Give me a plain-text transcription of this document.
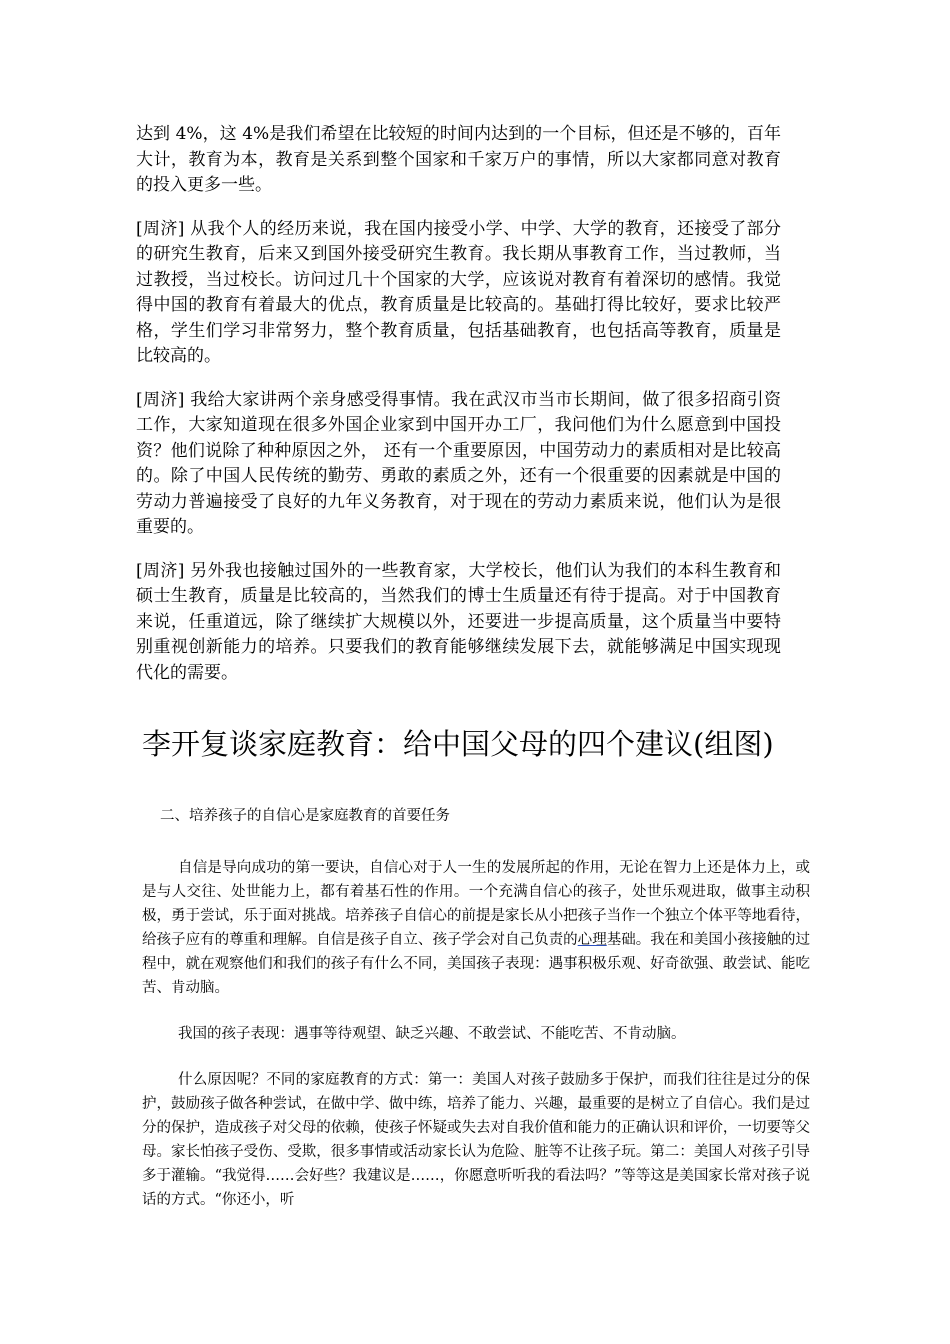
达到 4%，这 4%是我们希望在比较短的时间内达到的一个目标，但还是不够的，百年大计，教育为本，教育是关系到整个国家和千家万户的事情，所以大家都同意对教育的投入更多一些。

[周济] 从我个人的经历来说，我在国内接受小学、中学、大学的教育，还接受了部分的研究生教育，后来又到国外接受研究生教育。我长期从事教育工作，当过教师，当过教授，当过校长。访问过几十个国家的大学，应该说对教育有着深切的感情。我觉得中国的教育有着最大的优点，教育质量是比较高的。基础打得比较好，要求比较严格，学生们学习非常努力，整个教育质量，包括基础教育，也包括高等教育，质量是比较高的。

[周济] 我给大家讲两个亲身感受得事情。我在武汉市当市长期间，做了很多招商引资工作，大家知道现在很多外国企业家到中国开办工厂，我问他们为什么愿意到中国投资？他们说除了种种原因之外， 还有一个重要原因，中国劳动力的素质相对是比较高的。除了中国人民传统的勤劳、勇敢的素质之外，还有一个很重要的因素就是中国的劳动力普遍接受了良好的九年义务教育，对于现在的劳动力素质来说，他们认为是很重要的。

[周济] 另外我也接触过国外的一些教育家，大学校长，他们认为我们的本科生教育和硕士生教育，质量是比较高的，当然我们的博士生质量还有待于提高。对于中国教育来说，任重道远，除了继续扩大规模以外，还要进一步提高质量，这个质量当中要特别重视创新能力的培养。只要我们的教育能够继续发展下去，就能够满足中国实现现代化的需要。

李开复谈家庭教育：给中国父母的四个建议(组图)

二、培养孩子的自信心是家庭教育的首要任务

自信是导向成功的第一要诀，自信心对于人一生的发展所起的作用，无论在智力上还是体力上，或是与人交往、处世能力上，都有着基石性的作用。一个充满自信心的孩子，处世乐观进取，做事主动积极，勇于尝试，乐于面对挑战。培养孩子自信心的前提是家长从小把孩子当作一个独立个体平等地看待，给孩子应有的尊重和理解。自信是孩子自立、孩子学会对自己负责的心理基础。我在和美国小孩接触的过程中，就在观察他们和我们的孩子有什么不同，美国孩子表现：遇事积极乐观、好奇欲强、敢尝试、能吃苦、肯动脑。

我国的孩子表现：遇事等待观望、缺乏兴趣、不敢尝试、不能吃苦、不肯动脑。

什么原因呢？不同的家庭教育的方式：第一：美国人对孩子鼓励多于保护，而我们往往是过分的保护，鼓励孩子做各种尝试，在做中学、做中练，培养了能力、兴趣，最重要的是树立了自信心。我们是过分的保护，造成孩子对父母的依赖，使孩子怀疑或失去对自我价值和能力的正确认识和评价，一切要等父母。家长怕孩子受伤、受欺，很多事情或活动家长认为危险、脏等不让孩子玩。第二：美国人对孩子引导多于灌输。“我觉得……会好些？我建议是……，你愿意听听我的看法吗？”等等这是美国家长常对孩子说话的方式。“你还小，听
